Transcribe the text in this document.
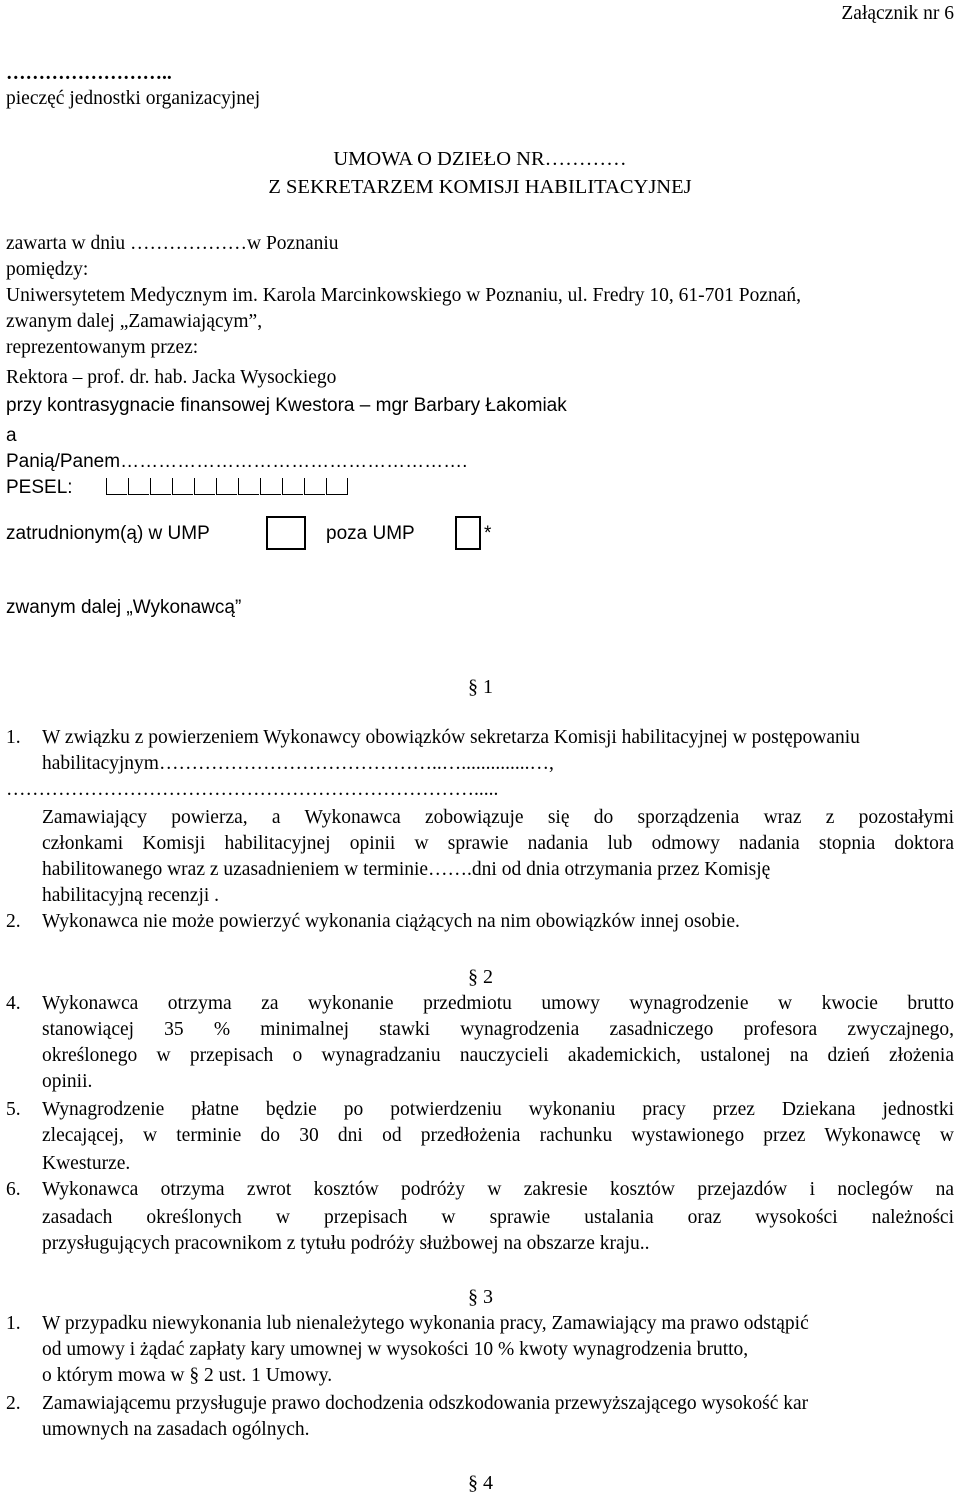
Załącznik nr 6
……………………..
pieczęć jednostki organizacyjnej
UMOWA O DZIEŁO NR…………
Z SEKRETARZEM KOMISJI HABILITACYJNEJ
zawarta w dniu ………………w Poznaniu
pomiędzy:
Uniwersytetem Medycznym im. Karola Marcinkowskiego w Poznaniu, ul. Fredry 10, 61-701 Poznań,
zwanym dalej „Zamawiającym”,
reprezentowanym przez:
Rektora – prof. dr. hab. Jacka Wysockiego
przy kontrasygnacie finansowej Kwestora – mgr Barbary Łakomiak
a
Panią/Panem……………………………………………….
PESEL:
zatrudnionym(ą) w UMP	poza UMP	*
zwanym dalej „Wykonawcą”
§ 1
1. W związku z powierzeniem Wykonawcy obowiązków sekretarza Komisji habilitacyjnej w postępowaniu
habilitacyjnym……………………………………..…..............…,
……………………………………………………………….....
Zamawiający powierza, a Wykonawca zobowiązuje się do sporządzenia wraz z pozostałymi
członkami Komisji habilitacyjnej opinii w sprawie nadania lub odmowy nadania stopnia doktora
habilitowanego wraz z uzasadnieniem w terminie…….dni od dnia otrzymania przez Komisję
habilitacyjną recenzji .
2. Wykonawca nie może powierzyć wykonania ciążących na nim obowiązków innej osobie.
§ 2
4. Wykonawca otrzyma za wykonanie przedmiotu umowy wynagrodzenie w kwocie brutto
stanowiącej 35 % minimalnej stawki wynagrodzenia zasadniczego profesora zwyczajnego,
określonego w przepisach o wynagradzaniu nauczycieli akademickich, ustalonej na dzień złożenia
opinii.
5. Wynagrodzenie płatne będzie po potwierdzeniu wykonaniu pracy przez Dziekana jednostki
zlecającej, w terminie do 30 dni od przedłożenia rachunku wystawionego przez Wykonawcę w
Kwesturze.
6. Wykonawca otrzyma zwrot kosztów podróży w zakresie kosztów przejazdów i noclegów na
zasadach określonych w przepisach w sprawie ustalania oraz wysokości należności
przysługujących pracownikom z tytułu podróży służbowej na obszarze kraju..
§ 3
1. W przypadku niewykonania lub nienależytego wykonania pracy, Zamawiający ma prawo odstąpić
od umowy i żądać zapłaty kary umownej w wysokości 10 % kwoty wynagrodzenia brutto,
o którym mowa w § 2 ust. 1 Umowy.
2. Zamawiającemu przysługuje prawo dochodzenia odszkodowania przewyższającego wysokość kar
umownych na zasadach ogólnych.
§ 4
